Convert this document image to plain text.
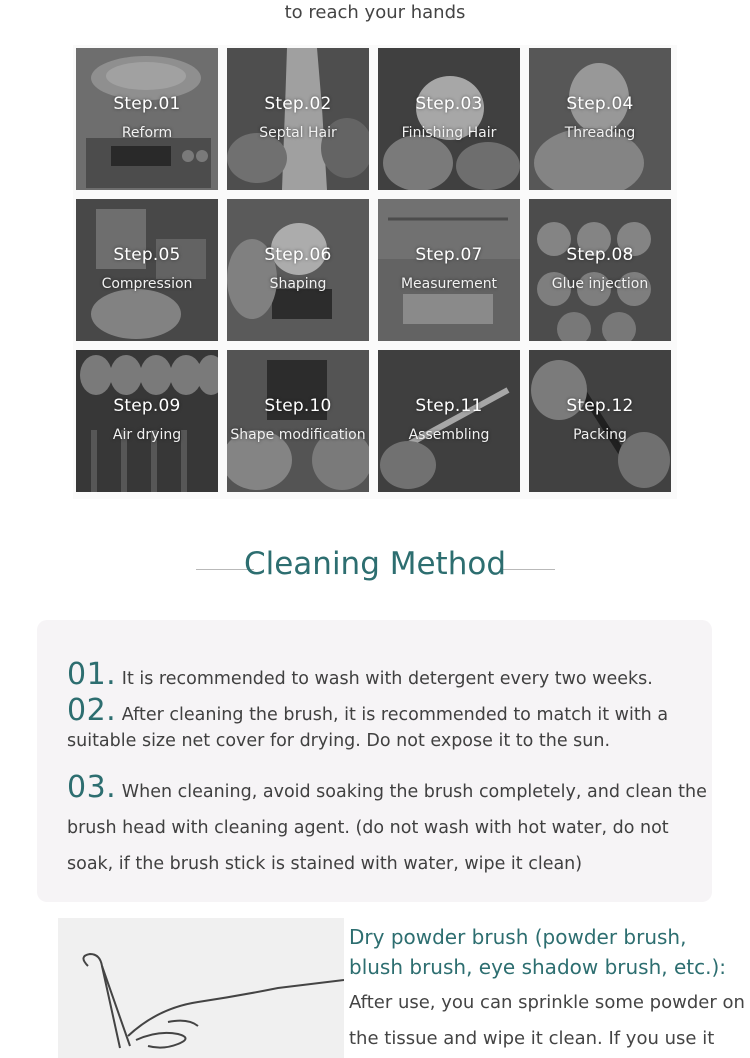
to reach your hands
Step.01
Reform
Step.02
Septal Hair
Step.03
Finishing Hair
Step.04
Threading
Step.05
Compression
Step.06
Shaping
Step.07
Measurement
Step.08
Glue injection
Step.09
Air drying
Step.10
Shape modification
Step.11
Assembling
Step.12
Packing
Cleaning Method
01. It is recommended to wash with detergent every two weeks.
02. After cleaning the brush, it is recommended to match it with a suitable size net cover for drying. Do not expose it to the sun.
03. When cleaning, avoid soaking the brush completely, and clean the brush head with cleaning agent. (do not wash with hot water, do not soak, if the brush stick is stained with water, wipe it clean)
Dry powder brush (powder brush, blush brush, eye shadow brush, etc.):
After use, you can sprinkle some powder on the tissue and wipe it clean. If you use it
